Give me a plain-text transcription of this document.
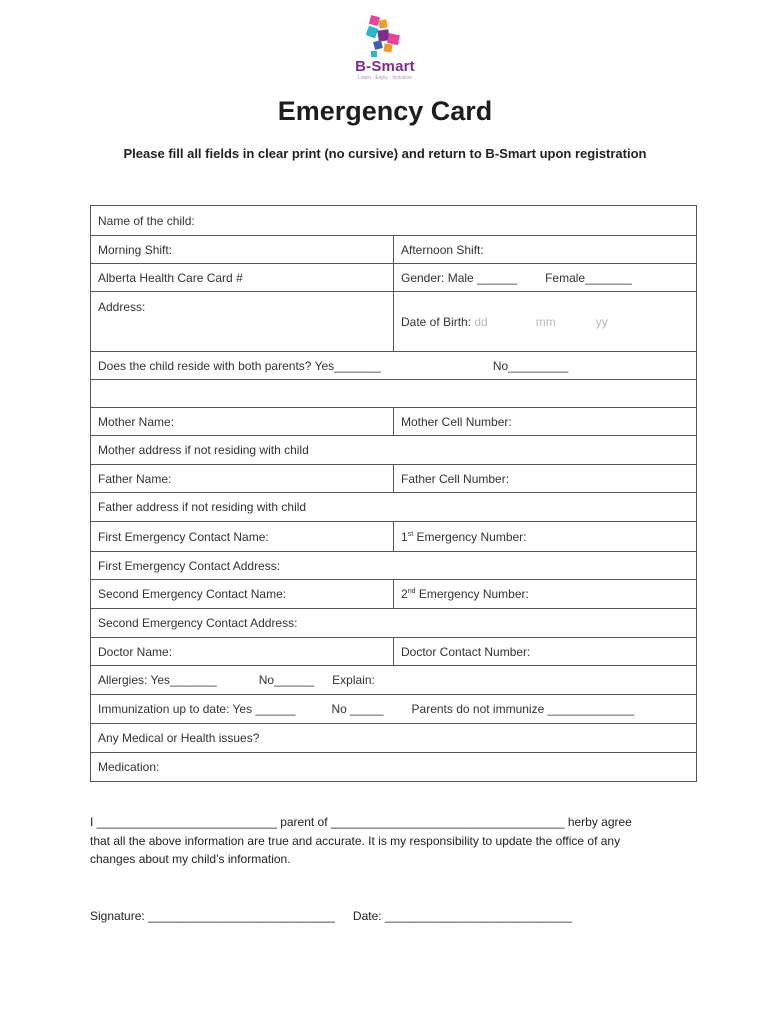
B-Smart
Learn · Enjoy · Inclusive
Emergency Card
Please fill all fields in clear print (no cursive) and return to B-Smart upon registration
Name of the child:	
Morning Shift:	Afternoon Shift:
Alberta Health Care Card #	Gender: Male ______ Female_______
Address:	Date of Birth: dd mm yy
Does the child reside with both parents? Yes_______ No_________	

Mother Name:	Mother Cell Number:
Mother address if not residing with child	
Father Name:	Father Cell Number:
Father address if not residing with child	
First Emergency Contact Name:	1st Emergency Number:
First Emergency Contact Address:	
Second Emergency Contact Name:	2nd Emergency Number:
Second Emergency Contact Address:	
Doctor Name:	Doctor Contact Number:
Allergies: Yes_______ No______ Explain:	
Immunization up to date: Yes ______ No _____ Parents do not immunize _____________	
Any Medical or Health issues?	
Medication:	
I ___________________________ parent of ___________________________________ herby agree
that all the above information are true and accurate. It is my responsibility to update the office of any
changes about my child’s information.
Signature: ____________________________ Date: ____________________________
